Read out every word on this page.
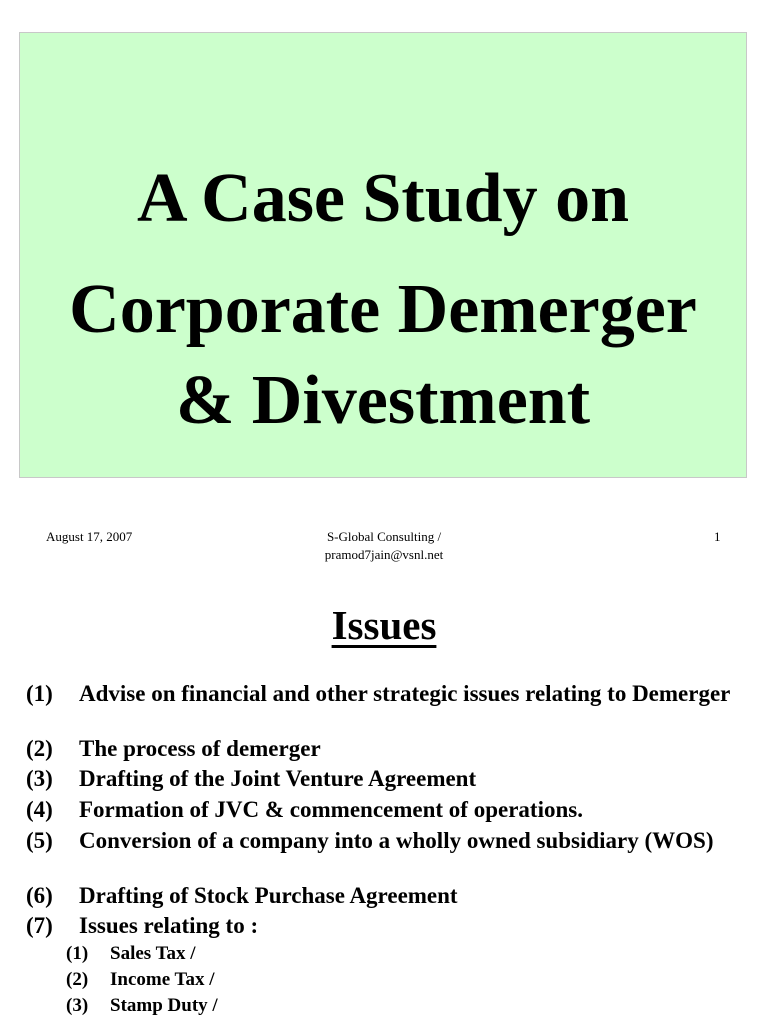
A Case Study on
Corporate Demerger
& Divestment
August 17, 2007	S-Global Consulting /
pramod7jain@vsnl.net
1
Issues
(1) Advise on financial and other strategic issues relating to Demerger
(2) The process of demerger
(3) Drafting of the Joint Venture Agreement
(4) Formation of JVC & commencement of operations.
(5) Conversion of a company into a wholly owned subsidiary (WOS)
(6) Drafting of Stock Purchase Agreement
(7) Issues relating to :
(1) Sales Tax /
(2) Income Tax /
(3) Stamp Duty /
